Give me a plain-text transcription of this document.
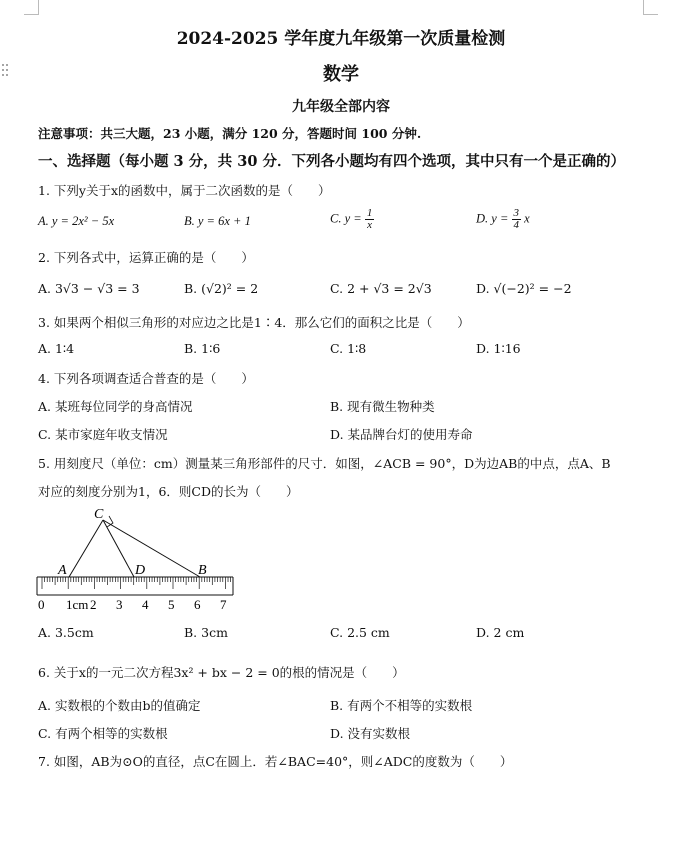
2024-2025 学年度九年级第一次质量检测
数学
九年级全部内容
注意事项：共三大题，23 小题，满分 120 分，答题时间 100 分钟.
一、选择题（每小题 3 分，共 30 分．下列各小题均有四个选项，其中只有一个是正确的）
1. 下列y关于x的函数中，属于二次函数的是（　　）
A. y = 2x² − 5x	B. y = 6x + 1	C. $y = \frac{1}{x}$	D. $y = \frac{3}{4}$ x
2. 下列各式中，运算正确的是（　　）
A. 3√3 − √3 = 3	B. (√2)² = 2	C. 2 + √3 = 2√3	D. √(−2)² = −2
3. 如果两个相似三角形的对应边之比是1∶4．那么它们的面积之比是（　　）
A. 1∶4	B. 1∶6	C. 1∶8	D. 1∶16
4. 下列各项调查适合普查的是（　　）
A. 某班每位同学的身高情况	B. 现有微生物种类
C. 某市家庭年收支情况	D. 某品牌台灯的使用寿命
5. 用刻度尺（单位：cm）测量某三角形部件的尺寸．如图，∠ACB = 90°，D为边AB的中点，点A、B
对应的刻度分别为1，6．则CD的长为（　　）
C
A	D	B
0 1cm 2 3 4 5 6 7
A. 3.5cm	B. 3cm	C. 2.5 cm	D. 2 cm
6. 关于x的一元二次方程3x² + bx − 2 = 0的根的情况是（　　）
A. 实数根的个数由b的值确定	B. 有两个不相等的实数根
C. 有两个相等的实数根	D. 没有实数根
7. 如图，AB为⊙O的直径，点C在圆上．若∠BAC=40°，则∠ADC的度数为（　　）
